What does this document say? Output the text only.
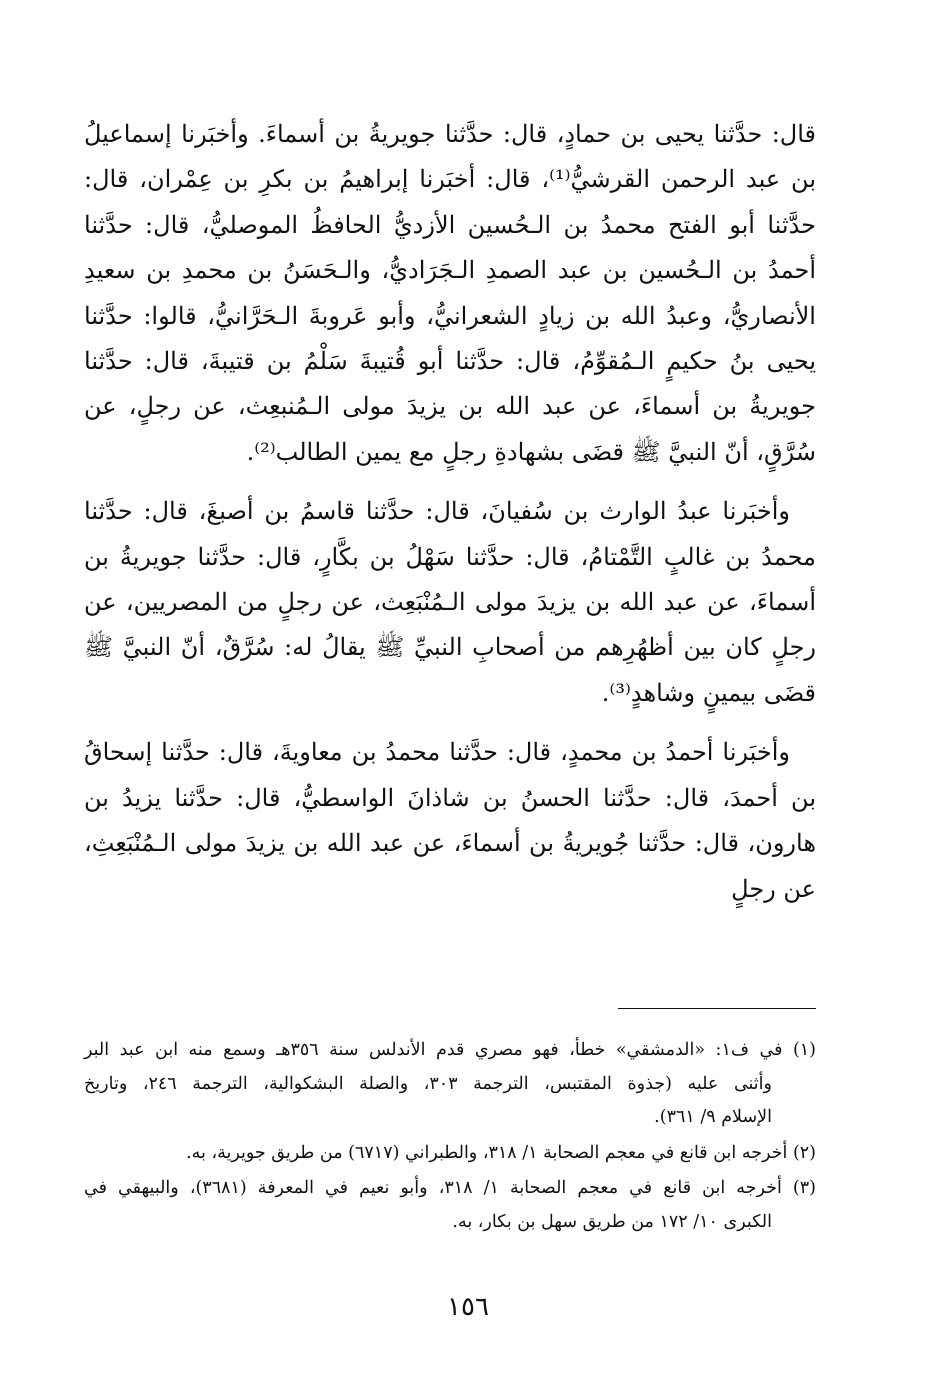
قال: حدَّثنا يحيى بن حمادٍ، قال: حدَّثنا جويريةُ بن أسماءَ. وأخبَرنا إسماعيلُ بن عبد الرحمن القرشيُّ⁽¹⁾، قال: أخبَرنا إبراهيمُ بن بكرِ بن عِمْران، قال: حدَّثنا أبو الفتح محمدُ بن الـحُسين الأزديُّ الحافظُ الموصليُّ، قال: حدَّثنا أحمدُ بن الـحُسين بن عبد الصمدِ الـجَرَاديُّ، والـحَسَنُ بن محمدِ بن سعيدِ الأنصاريُّ، وعبدُ الله بن زيادٍ الشعرانيُّ، وأبو عَروبةَ الـحَرَّانيُّ، قالوا: حدَّثنا يحيى بنُ حكيمٍ الـمُقوِّمُ، قال: حدَّثنا أبو قُتيبةَ سَلْمُ بن قتيبةَ، قال: حدَّثنا جويريةُ بن أسماءَ، عن عبد الله بن يزيدَ مولى الـمُنبعِث، عن رجلٍ، عن سُرَّقٍ، أنّ النبيَّ ﷺ قضَى بشهادةِ رجلٍ مع يمين الطالب⁽²⁾.

وأخبَرنا عبدُ الوارث بن سُفيانَ، قال: حدَّثنا قاسمُ بن أصبغَ، قال: حدَّثنا محمدُ بن غالبٍ التَّمْتامُ، قال: حدَّثنا سَهْلُ بن بكَّارٍ، قال: حدَّثنا جويريةُ بن أسماءَ، عن عبد الله بن يزيدَ مولى الـمُنْبَعِث، عن رجلٍ من المصريين، عن رجلٍ كان بين أظهُرِهم من أصحابِ النبيِّ ﷺ يقالُ له: سُرَّقٌ، أنّ النبيَّ ﷺ قضَى بيمينٍ وشاهدٍ⁽³⁾.

وأخبَرنا أحمدُ بن محمدٍ، قال: حدَّثنا محمدُ بن معاويةَ، قال: حدَّثنا إسحاقُ بن أحمدَ، قال: حدَّثنا الحسنُ بن شاذانَ الواسطيُّ، قال: حدَّثنا يزيدُ بن هارون، قال: حدَّثنا جُويريةُ بن أسماءَ، عن عبد الله بن يزيدَ مولى الـمُنْبَعِثِ، عن رجلٍ

(١) في ف١: «الدمشقي» خطأ، فهو مصري قدم الأندلس سنة ٣٥٦هـ وسمع منه ابن عبد البر وأثنى عليه (جذوة المقتبس، الترجمة ٣٠٣، والصلة البشكوالية، الترجمة ٢٤٦، وتاريخ الإسلام ٩/ ٣٦١).

(٢) أخرجه ابن قانع في معجم الصحابة ١/ ٣١٨، والطبراني (٦٧١٧) من طريق جويرية، به.

(٣) أخرجه ابن قانع في معجم الصحابة ١/ ٣١٨، وأبو نعيم في المعرفة (٣٦٨١)، والبيهقي في الكبرى ١٠/ ١٧٢ من طريق سهل بن بكار، به.

١٥٦
